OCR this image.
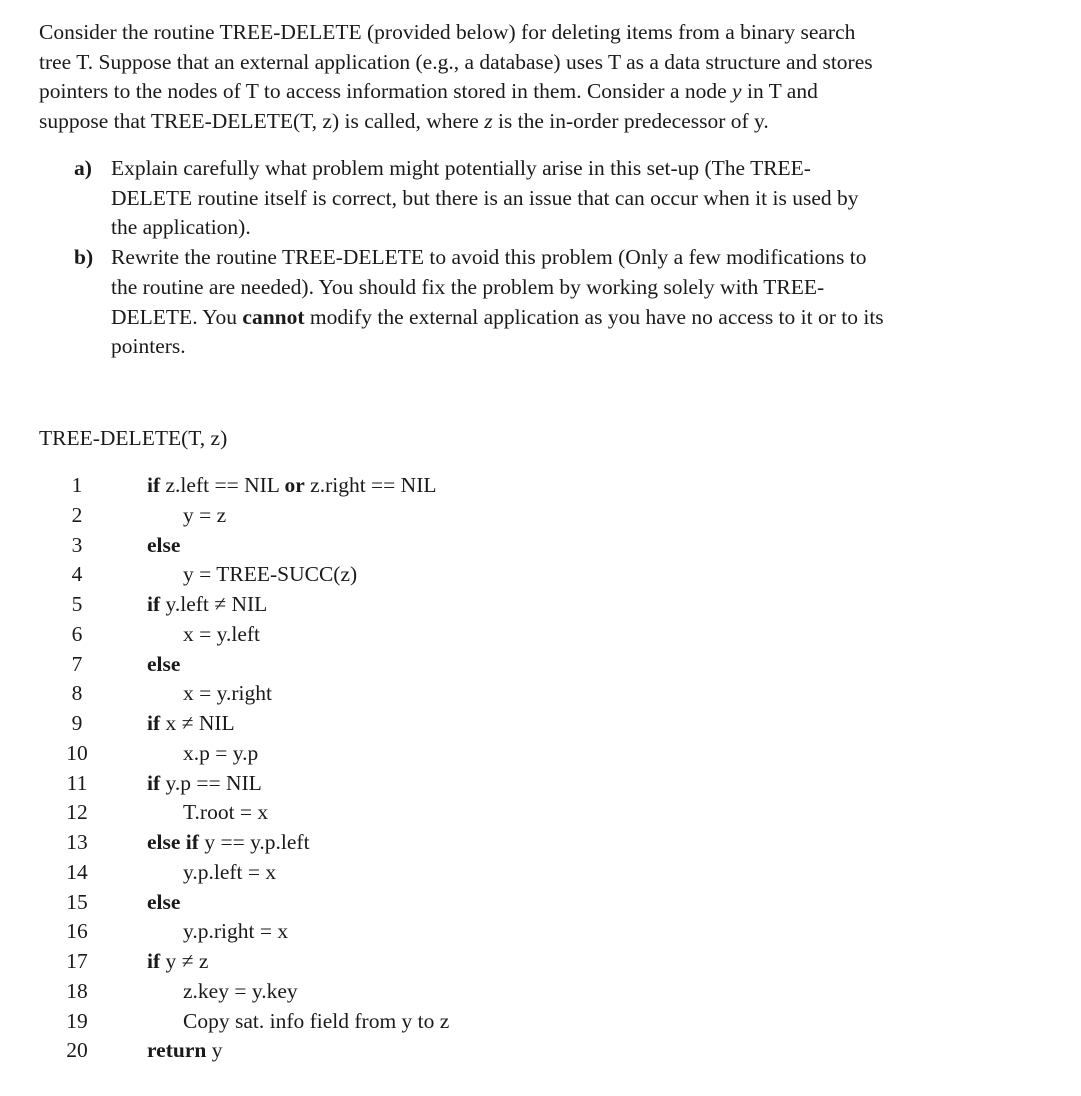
Consider the routine TREE-DELETE (provided below) for deleting items from a binary search
tree T. Suppose that an external application (e.g., a database) uses T as a data structure and stores
pointers to the nodes of T to access information stored in them. Consider a node y in T and
suppose that TREE-DELETE(T, z) is called, where z is the in-order predecessor of y.
a) Explain carefully what problem might potentially arise in this set-up (The TREE-
DELETE routine itself is correct, but there is an issue that can occur when it is used by
the application).
b) Rewrite the routine TREE-DELETE to avoid this problem (Only a few modifications to
the routine are needed). You should fix the problem by working solely with TREE-
DELETE. You cannot modify the external application as you have no access to it or to its
pointers.
TREE-DELETE(T, z)
1	if z.left == NIL or z.right == NIL
2	y = z
3	else
4	y = TREE-SUCC(z)
5	if y.left ≠ NIL
6	x = y.left
7	else
8	x = y.right
9	if x ≠ NIL
10	x.p = y.p
11	if y.p == NIL
12	T.root = x
13	else if y == y.p.left
14	y.p.left = x
15	else
16	y.p.right = x
17	if y ≠ z
18	z.key = y.key
19	Copy sat. info field from y to z
20	return y
